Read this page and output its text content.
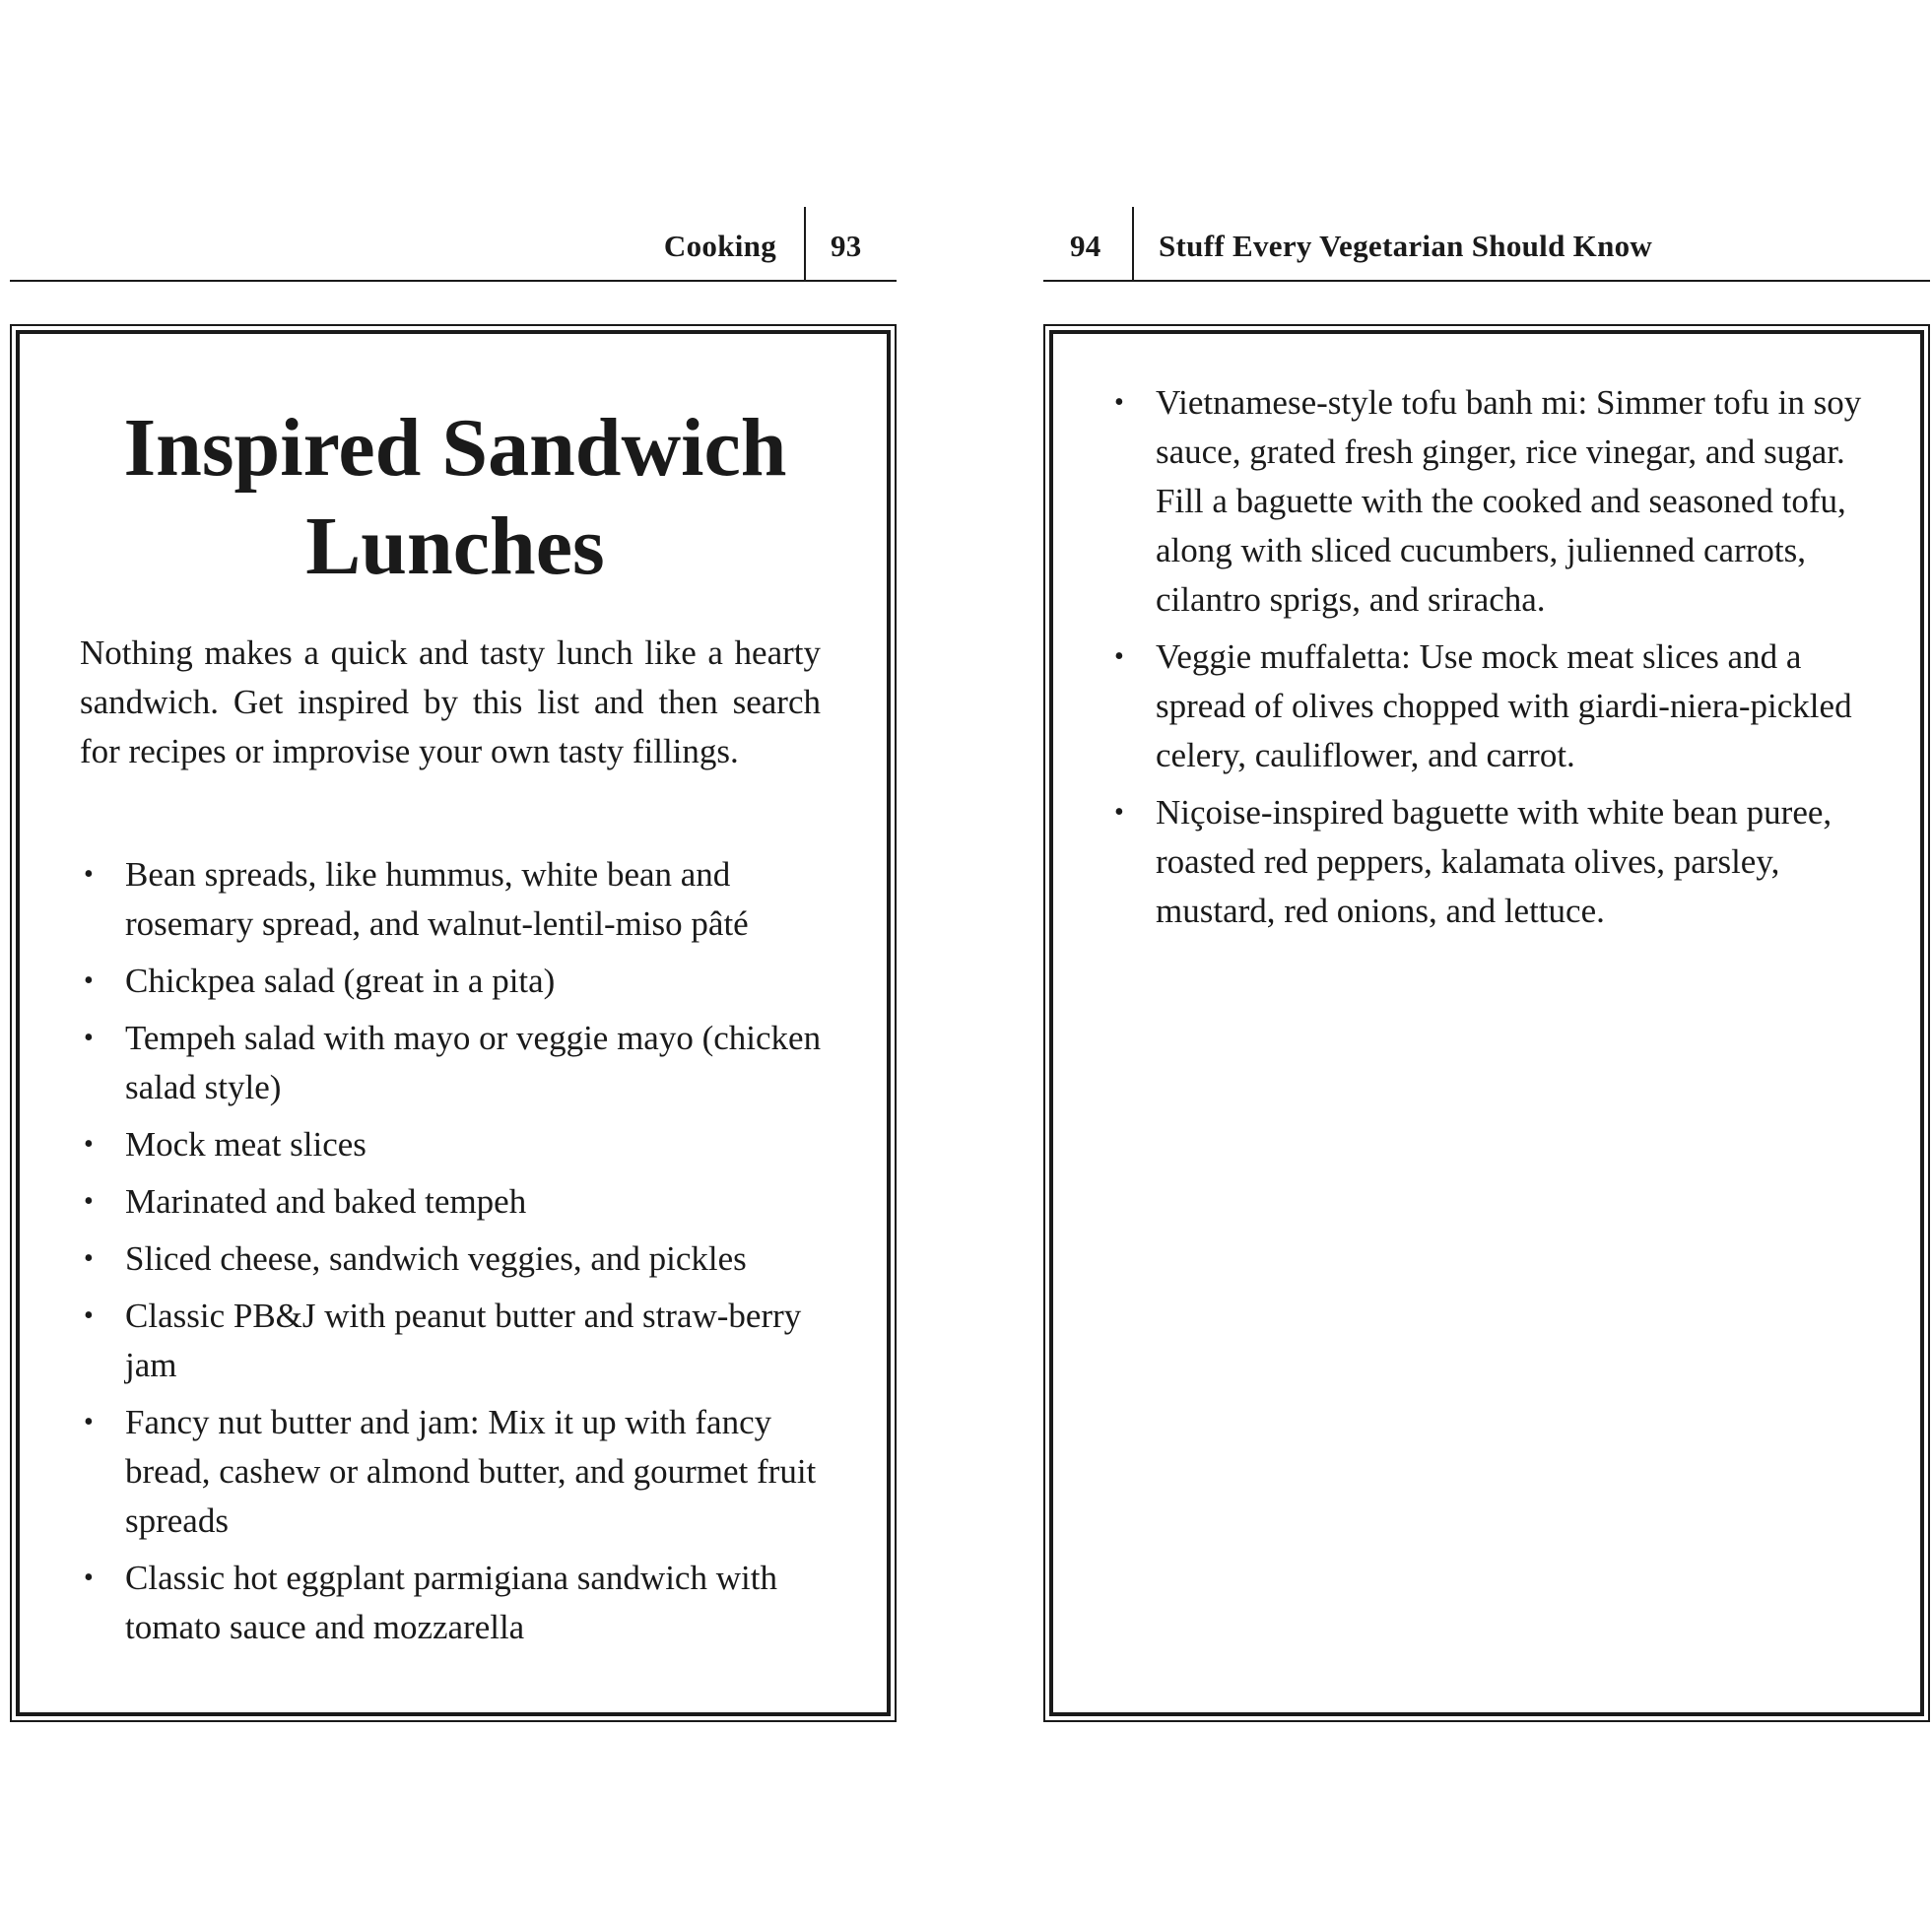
Cooking 93
Inspired Sandwich
Lunches

Nothing makes a quick and tasty lunch like a hearty sandwich. Get inspired by this list and then search for recipes or improvise your own tasty fillings.

• Bean spreads, like hummus, white bean and rosemary spread, and walnut-lentil-miso pâté
• Chickpea salad (great in a pita)
• Tempeh salad with mayo or veggie mayo (chicken salad style)
• Mock meat slices
• Marinated and baked tempeh
• Sliced cheese, sandwich veggies, and pickles
• Classic PB&J with peanut butter and straw-berry jam
• Fancy nut butter and jam: Mix it up with fancy bread, cashew or almond butter, and gourmet fruit spreads
• Classic hot eggplant parmigiana sandwich with tomato sauce and mozzarella
94 Stuff Every Vegetarian Should Know
• Vietnamese-style tofu banh mi: Simmer tofu in soy sauce, grated fresh ginger, rice vinegar, and sugar. Fill a baguette with the cooked and seasoned tofu, along with sliced cucumbers, julienned carrots, cilantro sprigs, and sriracha.
• Veggie muffaletta: Use mock meat slices and a spread of olives chopped with giardi-niera-pickled celery, cauliflower, and carrot.
• Niçoise-inspired baguette with white bean puree, roasted red peppers, kalamata olives, parsley, mustard, red onions, and lettuce.
